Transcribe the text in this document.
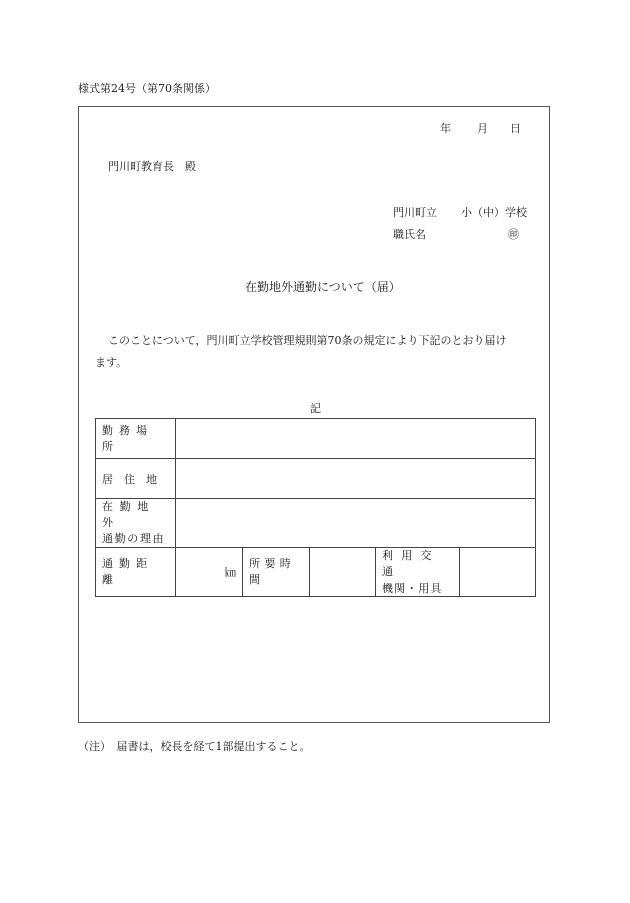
様式第24号（第70条関係）
年 月 日
門川町教育長　殿
門川町立 小（中）学校
職氏名	㊞
在勤地外通勤について（届）
このことについて，門川町立学校管理規則第70条の規定により下記のとおり届け
ます。
記
勤務場所					
居　住　地					

在勤地外
通勤の理由					

通勤距離	㎞	所要時間		利用交通
機関・用具	

（注）　届書は，校長を経て1部提出すること。
